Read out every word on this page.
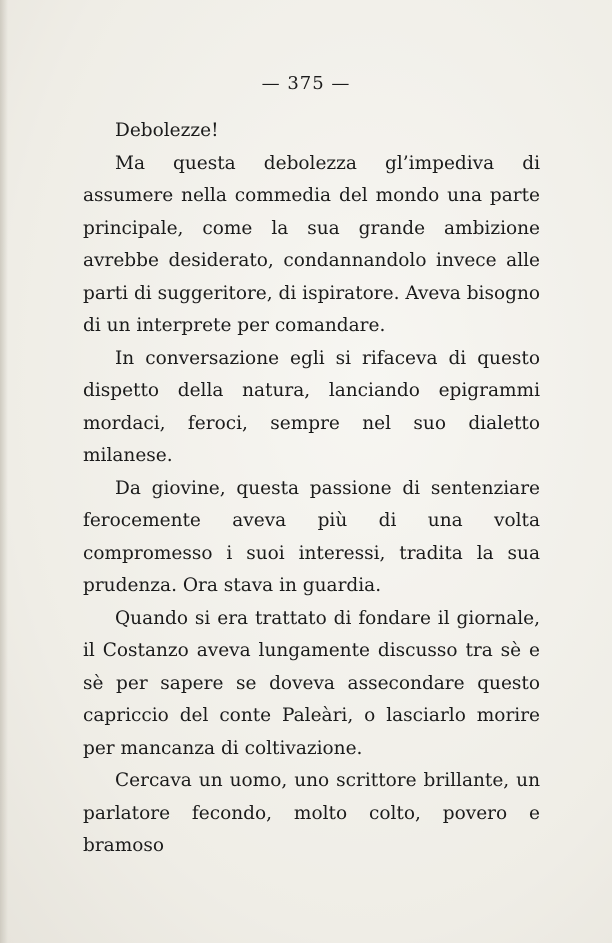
— 375 —

Debolezze!

Ma questa debolezza gl’impediva di assumere nella commedia del mondo una parte principale, come la sua grande ambizione avrebbe desiderato, condannandolo invece alle parti di suggeritore, di ispiratore. Aveva bisogno di un interprete per comandare.

In conversazione egli si rifaceva di questo dispetto della natura, lanciando epigrammi mordaci, feroci, sempre nel suo dialetto milanese.

Da giovine, questa passione di sentenziare ferocemente aveva più di una volta compromesso i suoi interessi, tradita la sua prudenza. Ora stava in guardia.

Quando si era trattato di fondare il giornale, il Costanzo aveva lungamente discusso tra sè e sè per sapere se doveva assecondare questo capriccio del conte Paleàri, o lasciarlo morire per mancanza di coltivazione.

Cercava un uomo, uno scrittore brillante, un parlatore fecondo, molto colto, povero e bramoso
